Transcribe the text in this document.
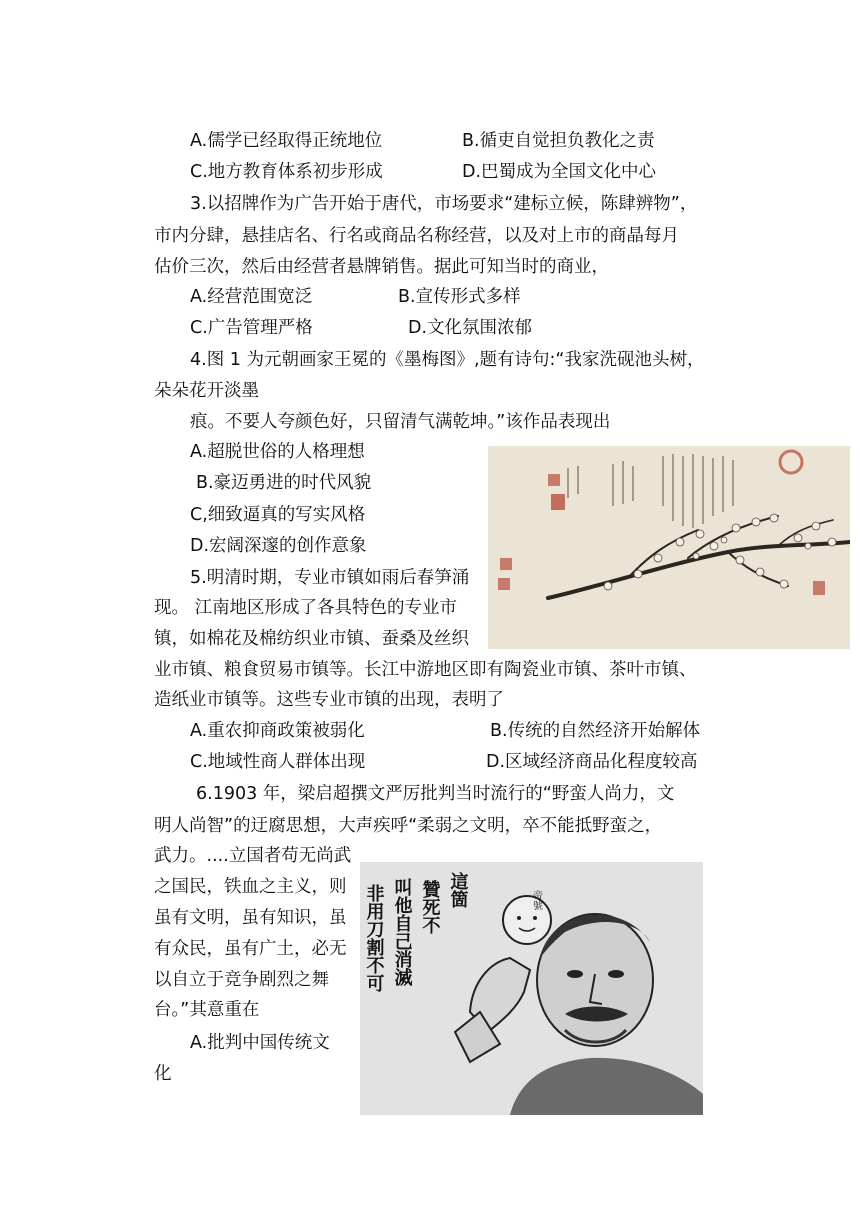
A.儒学已经取得正统地位	B.循吏自觉担负教化之责

C.地方教育体系初步形成	D.巴蜀成为全国文化中心

3.以招牌作为广告开始于唐代，市场要求“建标立候，陈肆辨物”，

市内分肆，悬挂店名、行名或商品名称经营，以及对上市的商晶每月

估价三次，然后由经营者悬牌销售。据此可知当时的商业，

A.经营范围宽泛	B.宣传形式多样

C.广告管理严格	D.文化氛围浓郁

4.图 1 为元朝画家王冕的《墨梅图》,题有诗句:“我家洗砚池头树，

朵朵花开淡墨

痕。不要人夸颜色好，只留清气满乾坤。”该作品表现出

A.超脱世俗的人格理想

B.豪迈勇进的时代风貌

C,细致逼真的写实风格

D.宏阔深邃的创作意象

5.明清时期，专业市镇如雨后春笋涌

现。 江南地区形成了各具特色的专业市

镇，如棉花及棉纺织业市镇、蚕桑及丝织

业市镇、粮食贸易市镇等。长江中游地区即有陶瓷业市镇、茶叶市镇、

造纸业市镇等。这些专业市镇的出现，表明了

A.重农抑商政策被弱化	B.传统的自然经济开始解体

C.地域性商人群体出现	D.区域经济商品化程度较高

6.1903 年，梁启超撰文严厉批判当时流行的“野蛮人尚力，文

明人尚智”的迂腐思想，大声疾呼“柔弱之文明，卒不能抵野蛮之，

武力。....立国者苟无尚武

之国民，铁血之主义，则

虽有文明，虽有知识，虽

有众民，虽有广土，必无

以自立于竞争剧烈之舞

台。”其意重在

A.批判中国传统文

化

帝號
這箇
贊死不
叫他自己消滅
非用刀割不可
